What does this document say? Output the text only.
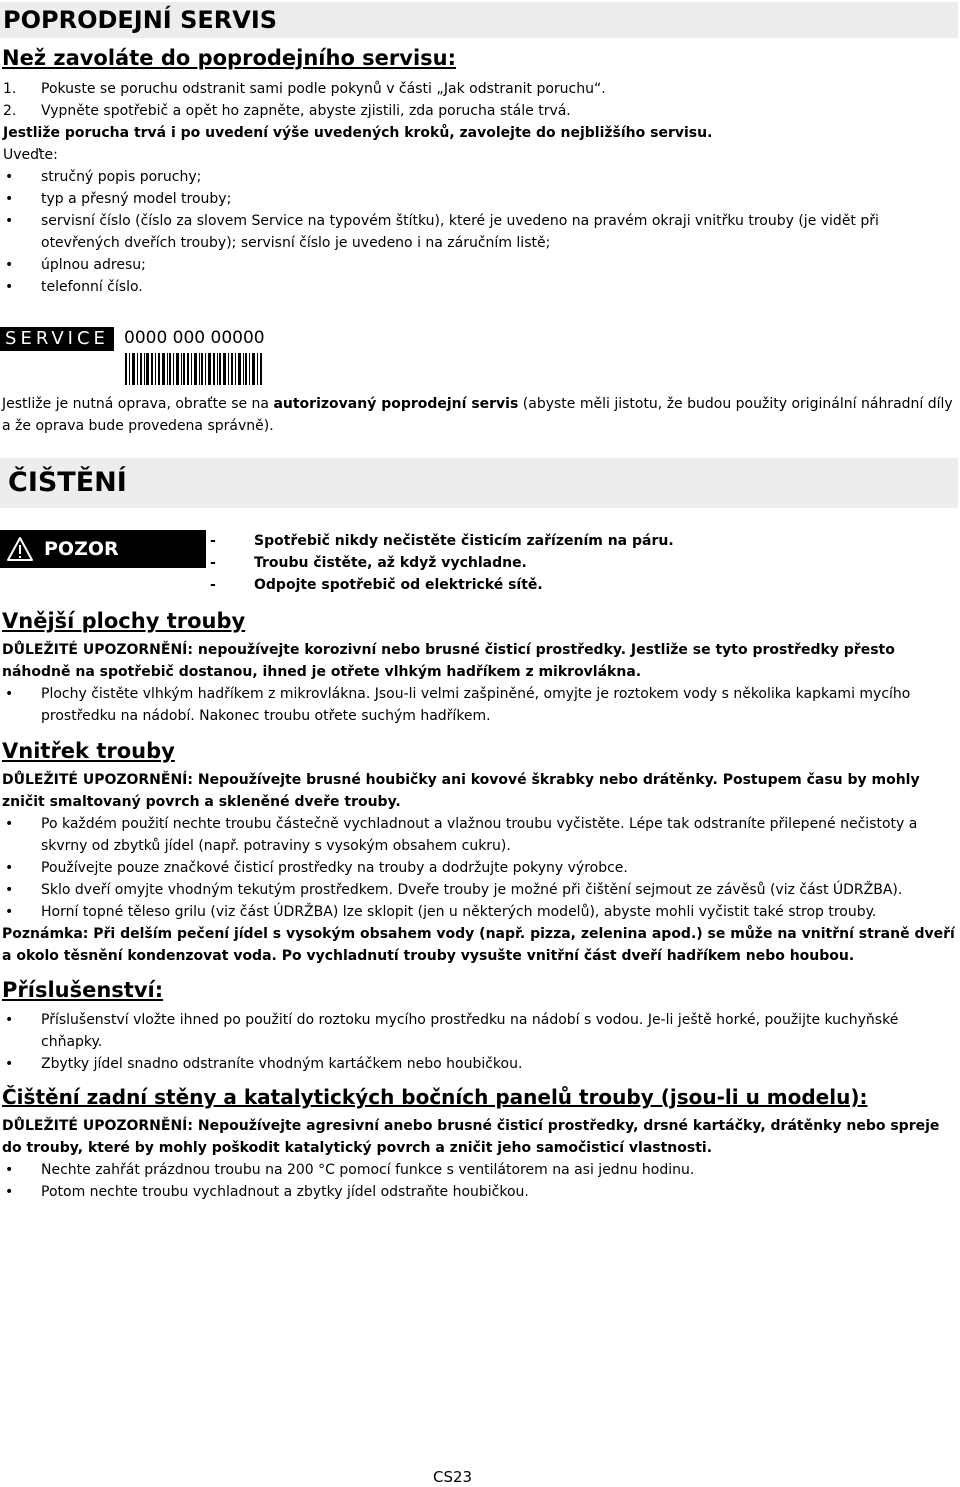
POPRODEJNÍ SERVIS
Než zavoláte do poprodejního servisu:
1. Pokuste se poruchu odstranit sami podle pokynů v části „Jak odstranit poruchu“.
2. Vypněte spotřebič a opět ho zapněte, abyste zjistili, zda porucha stále trvá.
Jestliže porucha trvá i po uvedení výše uvedených kroků, zavolejte do nejbližšího servisu.
Uveďte:
• stručný popis poruchy;
• typ a přesný model trouby;
• servisní číslo (číslo za slovem Service na typovém štítku), které je uvedeno na pravém okraji vnitřku trouby (je vidět při otevřených dveřích trouby); servisní číslo je uvedeno i na záručním listě;
• úplnou adresu;
• telefonní číslo.
SERVICE 0000 000 00000
Jestliže je nutná oprava, obraťte se na autorizovaný poprodejní servis (abyste měli jistotu, že budou použity originální náhradní díly a že oprava bude provedena správně).
ČIŠTĚNÍ
POZOR	-	Spotřebič nikdy nečistěte čisticím zařízením na páru.
-	Troubu čistěte, až když vychladne.
-	Odpojte spotřebič od elektrické sítě.
Vnější plochy trouby
DŮLEŽITÉ UPOZORNĚNÍ: nepoužívejte korozivní nebo brusné čisticí prostředky. Jestliže se tyto prostředky přesto náhodně na spotřebič dostanou, ihned je otřete vlhkým hadříkem z mikrovlákna.
• Plochy čistěte vlhkým hadříkem z mikrovlákna. Jsou-li velmi zašpiněné, omyjte je roztokem vody s několika kapkami mycího prostředku na nádobí. Nakonec troubu otřete suchým hadříkem.
Vnitřek trouby
DŮLEŽITÉ UPOZORNĚNÍ: Nepoužívejte brusné houbičky ani kovové škrabky nebo drátěnky. Postupem času by mohly zničit smaltovaný povrch a skleněné dveře trouby.
• Po každém použití nechte troubu částečně vychladnout a vlažnou troubu vyčistěte. Lépe tak odstraníte přilepené nečistoty a skvrny od zbytků jídel (např. potraviny s vysokým obsahem cukru).
• Používejte pouze značkové čisticí prostředky na trouby a dodržujte pokyny výrobce.
• Sklo dveří omyjte vhodným tekutým prostředkem. Dveře trouby je možné při čištění sejmout ze závěsů (viz část ÚDRŽBA).
• Horní topné těleso grilu (viz část ÚDRŽBA) lze sklopit (jen u některých modelů), abyste mohli vyčistit také strop trouby.
Poznámka: Při delším pečení jídel s vysokým obsahem vody (např. pizza, zelenina apod.) se může na vnitřní straně dveří a okolo těsnění kondenzovat voda. Po vychladnutí trouby vysušte vnitřní část dveří hadříkem nebo houbou.
Příslušenství:
• Příslušenství vložte ihned po použití do roztoku mycího prostředku na nádobí s vodou. Je-li ještě horké, použijte kuchyňské chňapky.
• Zbytky jídel snadno odstraníte vhodným kartáčkem nebo houbičkou.
Čištění zadní stěny a katalytických bočních panelů trouby (jsou-li u modelu):
DŮLEŽITÉ UPOZORNĚNÍ: Nepoužívejte agresivní anebo brusné čisticí prostředky, drsné kartáčky, drátěnky nebo spreje do trouby, které by mohly poškodit katalytický povrch a zničit jeho samočisticí vlastnosti.
• Nechte zahřát prázdnou troubu na 200 °C pomocí funkce s ventilátorem na asi jednu hodinu.
• Potom nechte troubu vychladnout a zbytky jídel odstraňte houbičkou.
CS23
